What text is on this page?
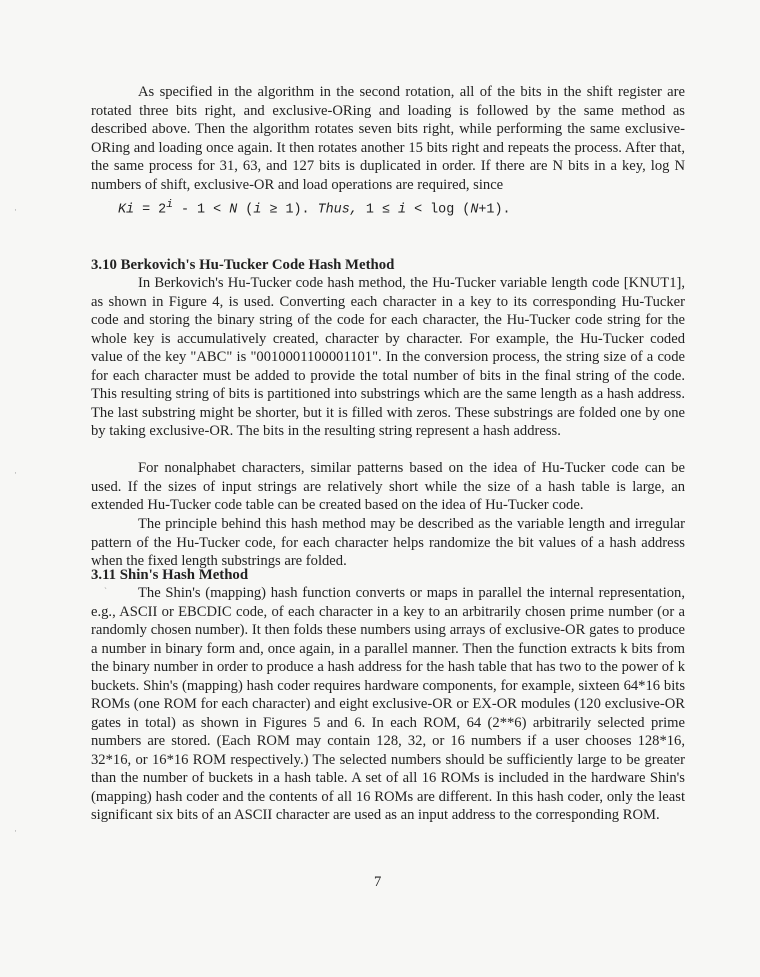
As specified in the algorithm in the second rotation, all of the bits in the shift register are rotated three bits right, and exclusive-ORing and loading is followed by the same method as described above. Then the algorithm rotates seven bits right, while performing the same exclusive-ORing and loading once again. It then rotates another 15 bits right and repeats the process. After that, the same process for 31, 63, and 127 bits is duplicated in order. If there are N bits in a key, log N numbers of shift, exclusive-OR and load operations are required, since

$Ki = 2^i - 1 < N$ (i ≥ 1). Thus, 1 ≤ i < log (N+1).

3.10 Berkovich's Hu-Tucker Code Hash Method

In Berkovich's Hu-Tucker code hash method, the Hu-Tucker variable length code [KNUT1], as shown in Figure 4, is used. Converting each character in a key to its corresponding Hu-Tucker code and storing the binary string of the code for each character, the Hu-Tucker code string for the whole key is accumulatively created, character by character. For example, the Hu-Tucker coded value of the key "ABC" is "0010001100001101". In the conversion process, the string size of a code for each character must be added to provide the total number of bits in the final string of the code. This resulting string of bits is partitioned into substrings which are the same length as a hash address. The last substring might be shorter, but it is filled with zeros. These substrings are folded one by one by taking exclusive-OR. The bits in the resulting string represent a hash address.

For nonalphabet characters, similar patterns based on the idea of Hu-Tucker code can be used. If the sizes of input strings are relatively short while the size of a hash table is large, an extended Hu-Tucker code table can be created based on the idea of Hu-Tucker code.

The principle behind this hash method may be described as the variable length and irregular pattern of the Hu-Tucker code, for each character helps randomize the bit values of a hash address when the fixed length substrings are folded.

3.11 Shin's Hash Method

The Shin's (mapping) hash function converts or maps in parallel the internal representation, e.g., ASCII or EBCDIC code, of each character in a key to an arbitrarily chosen prime number (or a randomly chosen number). It then folds these numbers using arrays of exclusive-OR gates to produce a number in binary form and, once again, in a parallel manner. Then the function extracts k bits from the binary number in order to produce a hash address for the hash table that has two to the power of k buckets. Shin's (mapping) hash coder requires hardware components, for example, sixteen 64*16 bits ROMs (one ROM for each character) and eight exclusive-OR or EX-OR modules (120 exclusive-OR gates in total) as shown in Figures 5 and 6. In each ROM, 64 (2**6) arbitrarily selected prime numbers are stored. (Each ROM may contain 128, 32, or 16 numbers if a user chooses 128*16, 32*16, or 16*16 ROM respectively.) The selected numbers should be sufficiently large to be greater than the number of buckets in a hash table. A set of all 16 ROMs is included in the hardware Shin's (mapping) hash coder and the contents of all 16 ROMs are different. In this hash coder, only the least significant six bits of an ASCII character are used as an input address to the corresponding ROM.

7

·
·
·
ˋ
